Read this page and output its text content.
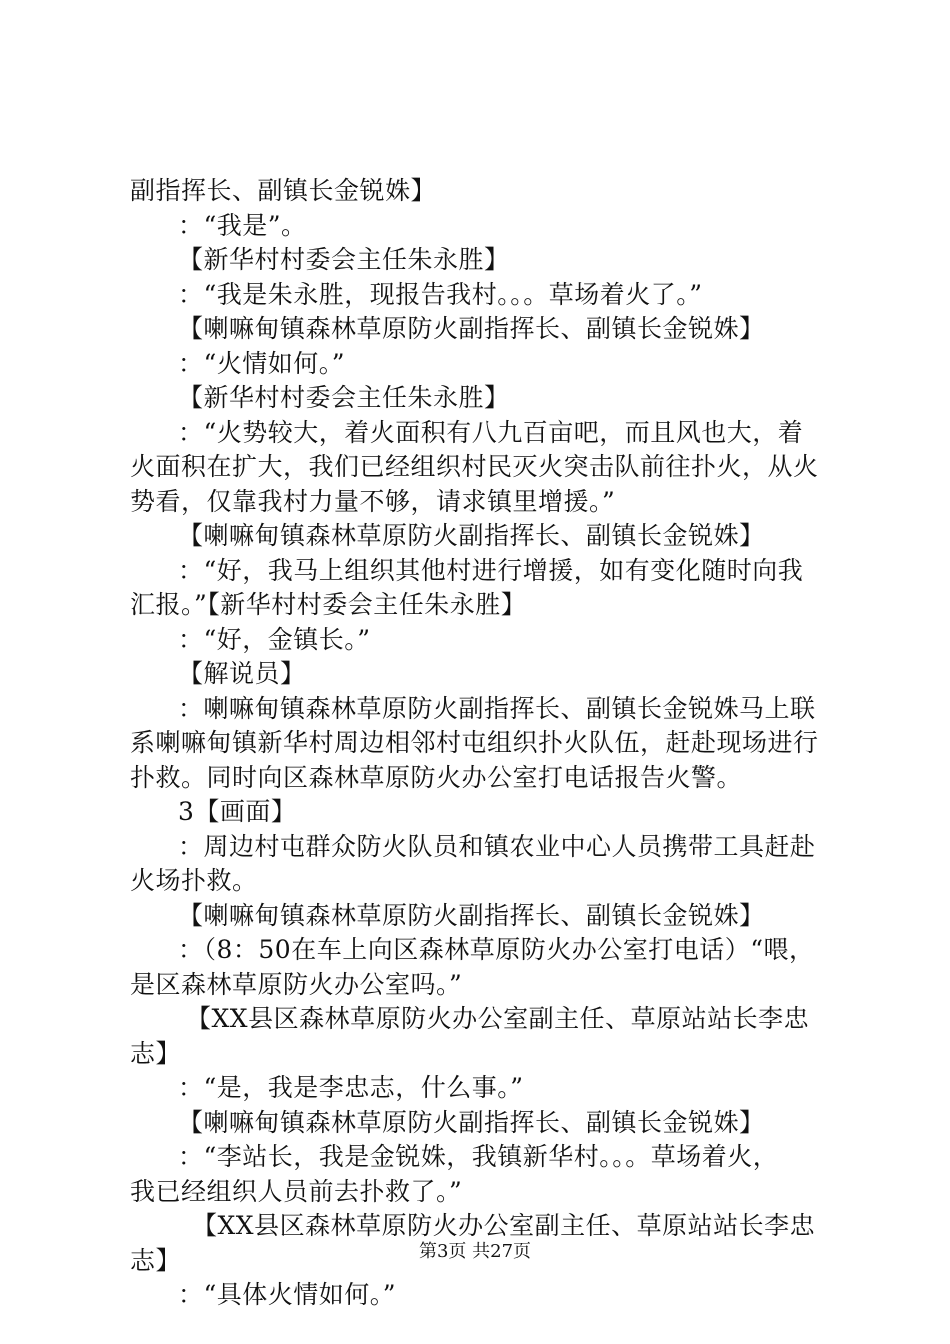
副指挥长、副镇长金锐姝】
：“我是”。
【新华村村委会主任朱永胜】
：“我是朱永胜，现报告我村。。。草场着火了。”
【喇嘛甸镇森林草原防火副指挥长、副镇长金锐姝】
：“火情如何。”
【新华村村委会主任朱永胜】
：“火势较大，着火面积有八九百亩吧，而且风也大，着
火面积在扩大，我们已经组织村民灭火突击队前往扑火，从火
势看，仅靠我村力量不够，请求镇里增援。”
【喇嘛甸镇森林草原防火副指挥长、副镇长金锐姝】
：“好，我马上组织其他村进行增援，如有变化随时向我
汇报。”【新华村村委会主任朱永胜】
：“好，金镇长。”
【解说员】
：喇嘛甸镇森林草原防火副指挥长、副镇长金锐姝马上联
系喇嘛甸镇新华村周边相邻村屯组织扑火队伍，赶赴现场进行
扑救。同时向区森林草原防火办公室打电话报告火警。
3【画面】
：周边村屯群众防火队员和镇农业中心人员携带工具赶赴
火场扑救。
【喇嘛甸镇森林草原防火副指挥长、副镇长金锐姝】
：（8：50在车上向区森林草原防火办公室打电话）“喂，
是区森林草原防火办公室吗。”
【XX县区森林草原防火办公室副主任、草原站站长李忠
志】
：“是，我是李忠志，什么事。”
【喇嘛甸镇森林草原防火副指挥长、副镇长金锐姝】
：“李站长，我是金锐姝，我镇新华村。。。草场着火，
我已经组织人员前去扑救了。”
【XX县区森林草原防火办公室副主任、草原站站长李忠
志】
：“具体火情如何。”
第3页 共27页
